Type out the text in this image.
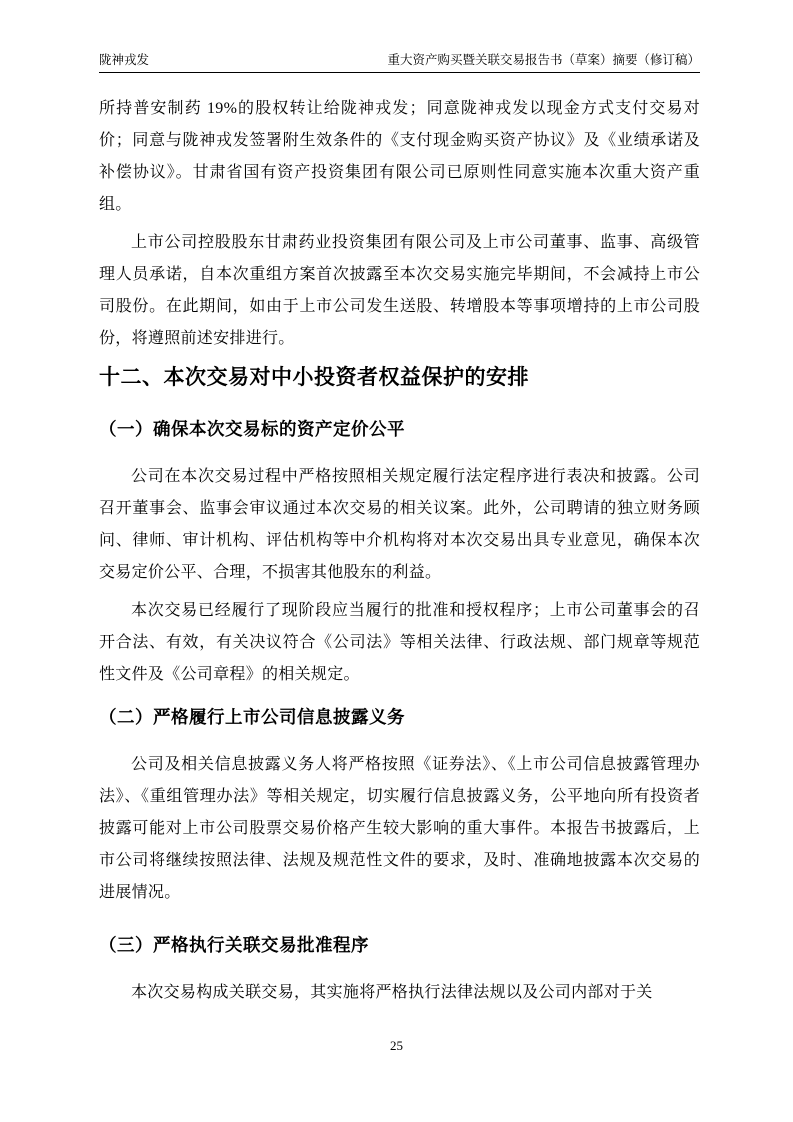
陇神戎发	重大资产购买暨关联交易报告书（草案）摘要（修订稿）

所持普安制药 19%的股权转让给陇神戎发；同意陇神戎发以现金方式支付交易对价；同意与陇神戎发签署附生效条件的《支付现金购买资产协议》及《业绩承诺及补偿协议》。甘肃省国有资产投资集团有限公司已原则性同意实施本次重大资产重组。

上市公司控股股东甘肃药业投资集团有限公司及上市公司董事、监事、高级管理人员承诺，自本次重组方案首次披露至本次交易实施完毕期间，不会减持上市公司股份。在此期间，如由于上市公司发生送股、转增股本等事项增持的上市公司股份，将遵照前述安排进行。

十二、本次交易对中小投资者权益保护的安排
（一）确保本次交易标的资产定价公平

公司在本次交易过程中严格按照相关规定履行法定程序进行表决和披露。公司召开董事会、监事会审议通过本次交易的相关议案。此外，公司聘请的独立财务顾问、律师、审计机构、评估机构等中介机构将对本次交易出具专业意见，确保本次交易定价公平、合理，不损害其他股东的利益。

本次交易已经履行了现阶段应当履行的批准和授权程序；上市公司董事会的召开合法、有效，有关决议符合《公司法》等相关法律、行政法规、部门规章等规范性文件及《公司章程》的相关规定。

（二）严格履行上市公司信息披露义务

公司及相关信息披露义务人将严格按照《证券法》、《上市公司信息披露管理办法》、《重组管理办法》等相关规定，切实履行信息披露义务，公平地向所有投资者披露可能对上市公司股票交易价格产生较大影响的重大事件。本报告书披露后，上市公司将继续按照法律、法规及规范性文件的要求，及时、准确地披露本次交易的进展情况。

（三）严格执行关联交易批准程序

本次交易构成关联交易，其实施将严格执行法律法规以及公司内部对于关

25
